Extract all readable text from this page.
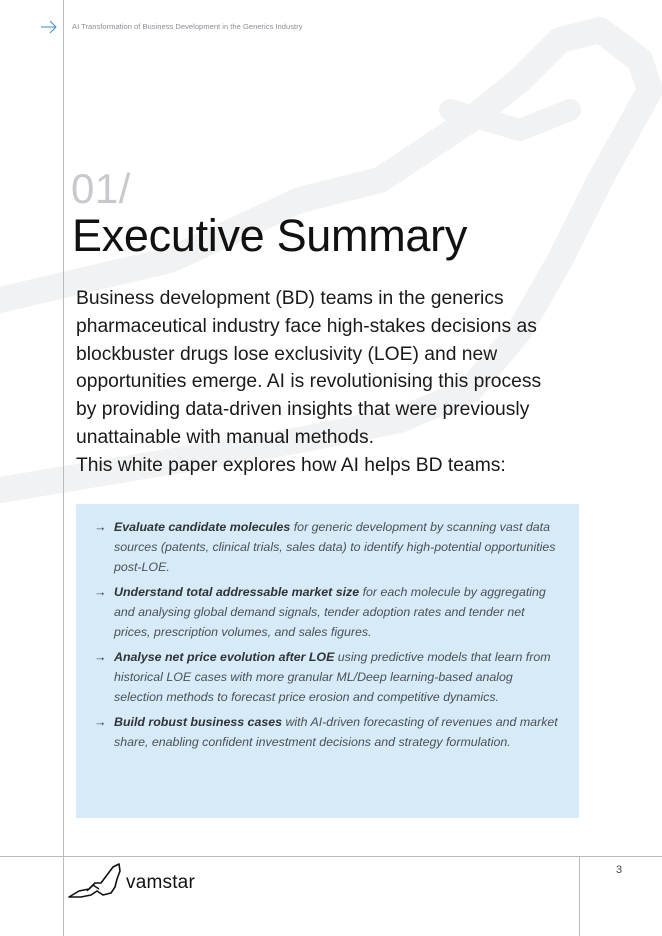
AI Transformation of Business Development in the Generics Industry
01/
Executive Summary

Business development (BD) teams in the generics pharmaceutical industry face high-stakes decisions as blockbuster drugs lose exclusivity (LOE) and new opportunities emerge. AI is revolutionising this process by providing data-driven insights that were previously unattainable with manual methods.

This white paper explores how AI helps BD teams:

→ Evaluate candidate molecules for generic development by scanning vast data sources (patents, clinical trials, sales data) to identify high-potential opportunities post-LOE.
→ Understand total addressable market size for each molecule by aggregating and analysing global demand signals, tender adoption rates and tender net prices, prescription volumes, and sales figures.
→ Analyse net price evolution after LOE using predictive models that learn from historical LOE cases with more granular ML/Deep learning-based analog selection methods to forecast price erosion and competitive dynamics.
→ Build robust business cases with AI-driven forecasting of revenues and market share, enabling confident investment decisions and strategy formulation.
vamstar
3
